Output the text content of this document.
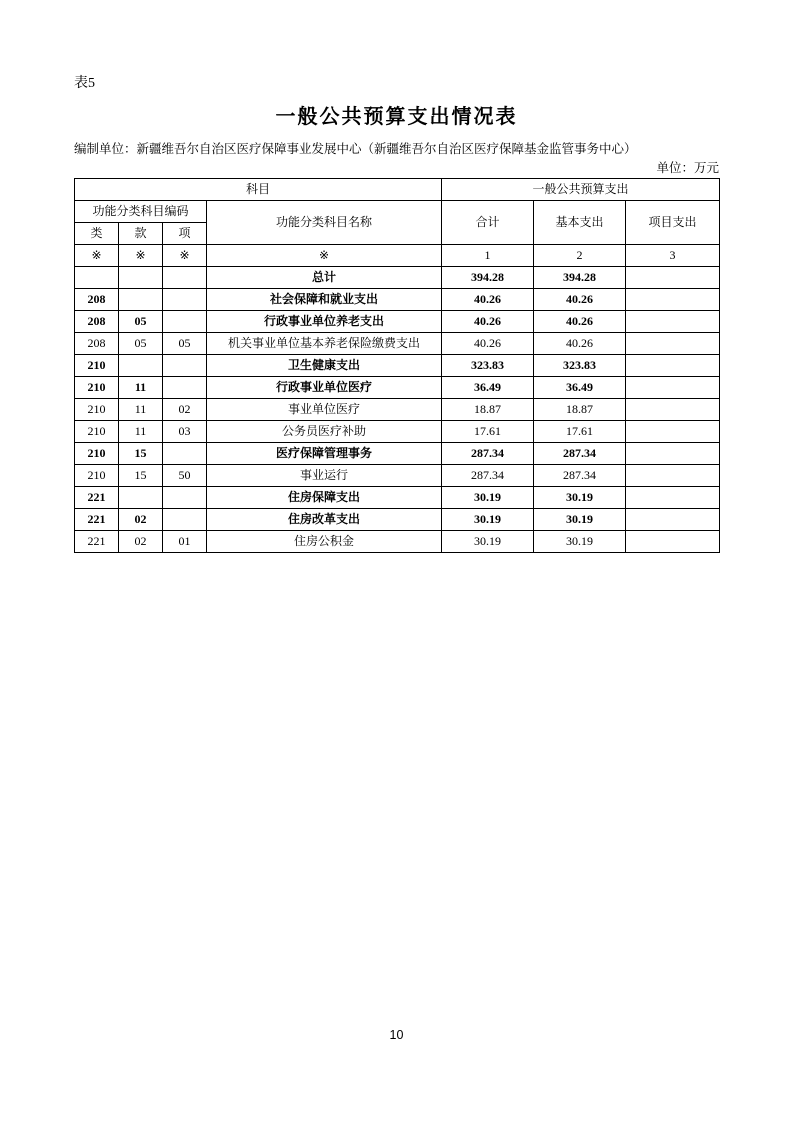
表5
一般公共预算支出情况表
编制单位：新疆维吾尔自治区医疗保障事业发展中心（新疆维吾尔自治区医疗保障基金监管事务中心）
单位：万元
科目				一般公共预算支出		
功能分类科目编码			功能分类科目名称	合计	基本支出	项目支出
类	款	项				
※	※	※	※	1	2	3
			总计	394.28	394.28	
208			社会保障和就业支出	40.26	40.26	
208	05		行政事业单位养老支出	40.26	40.26	
208	05	05	机关事业单位基本养老保险缴费支出	40.26	40.26	
210			卫生健康支出	323.83	323.83	
210	11		行政事业单位医疗	36.49	36.49	
210	11	02	事业单位医疗	18.87	18.87	
210	11	03	公务员医疗补助	17.61	17.61	
210	15		医疗保障管理事务	287.34	287.34	
210	15	50	事业运行	287.34	287.34	
221			住房保障支出	30.19	30.19	
221	02		住房改革支出	30.19	30.19	
221	02	01	住房公积金	30.19	30.19	
10
